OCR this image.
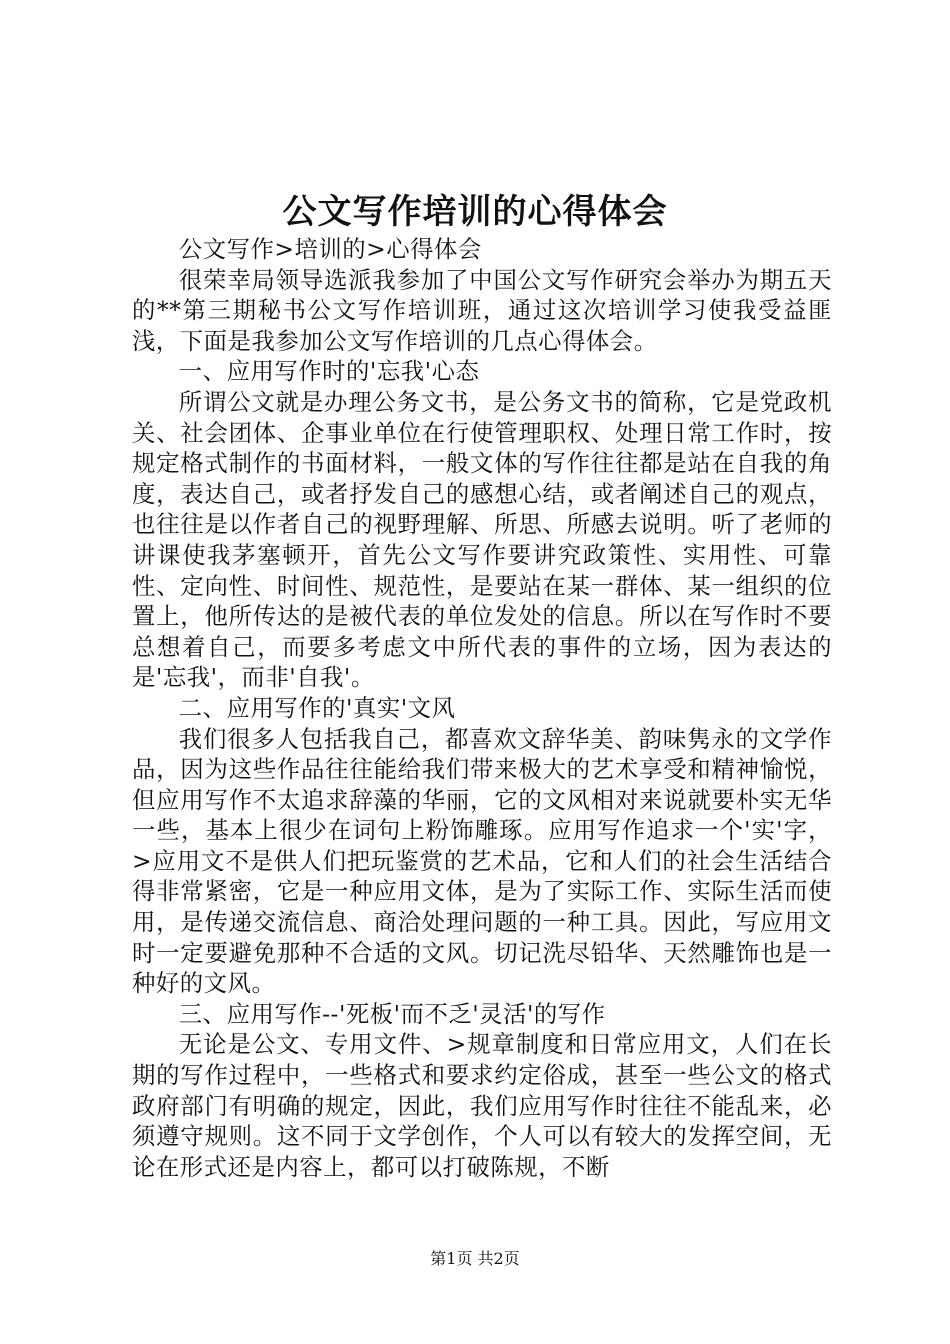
公文写作培训的心得体会

公文写作>培训的>心得体会

很荣幸局领导选派我参加了中国公文写作研究会举办为期五天的**第三期秘书公文写作培训班，通过这次培训学习使我受益匪浅，下面是我参加公文写作培训的几点心得体会。

一、应用写作时的'忘我'心态

所谓公文就是办理公务文书，是公务文书的简称，它是党政机关、社会团体、企事业单位在行使管理职权、处理日常工作时，按规定格式制作的书面材料，一般文体的写作往往都是站在自我的角度，表达自己，或者抒发自己的感想心结，或者阐述自己的观点，也往往是以作者自己的视野理解、所思、所感去说明。听了老师的讲课使我茅塞顿开，首先公文写作要讲究政策性、实用性、可靠性、定向性、时间性、规范性，是要站在某一群体、某一组织的位置上，他所传达的是被代表的单位发处的信息。所以在写作时不要总想着自己，而要多考虑文中所代表的事件的立场，因为表达的是'忘我'，而非'自我'。

二、应用写作的'真实'文风

我们很多人包括我自己，都喜欢文辞华美、韵味隽永的文学作品，因为这些作品往往能给我们带来极大的艺术享受和精神愉悦，但应用写作不太追求辞藻的华丽，它的文风相对来说就要朴实无华一些，基本上很少在词句上粉饰雕琢。应用写作追求一个'实'字，>应用文不是供人们把玩鉴赏的艺术品，它和人们的社会生活结合得非常紧密，它是一种应用文体，是为了实际工作、实际生活而使用，是传递交流信息、商洽处理问题的一种工具。因此，写应用文时一定要避免那种不合适的文风。切记洗尽铅华、天然雕饰也是一种好的文风。

三、应用写作--'死板'而不乏'灵活'的写作

无论是公文、专用文件、>规章制度和日常应用文，人们在长期的写作过程中，一些格式和要求约定俗成，甚至一些公文的格式政府部门有明确的规定，因此，我们应用写作时往往不能乱来，必须遵守规则。这不同于文学创作，个人可以有较大的发挥空间，无论在形式还是内容上，都可以打破陈规，不断

第1页 共2页
